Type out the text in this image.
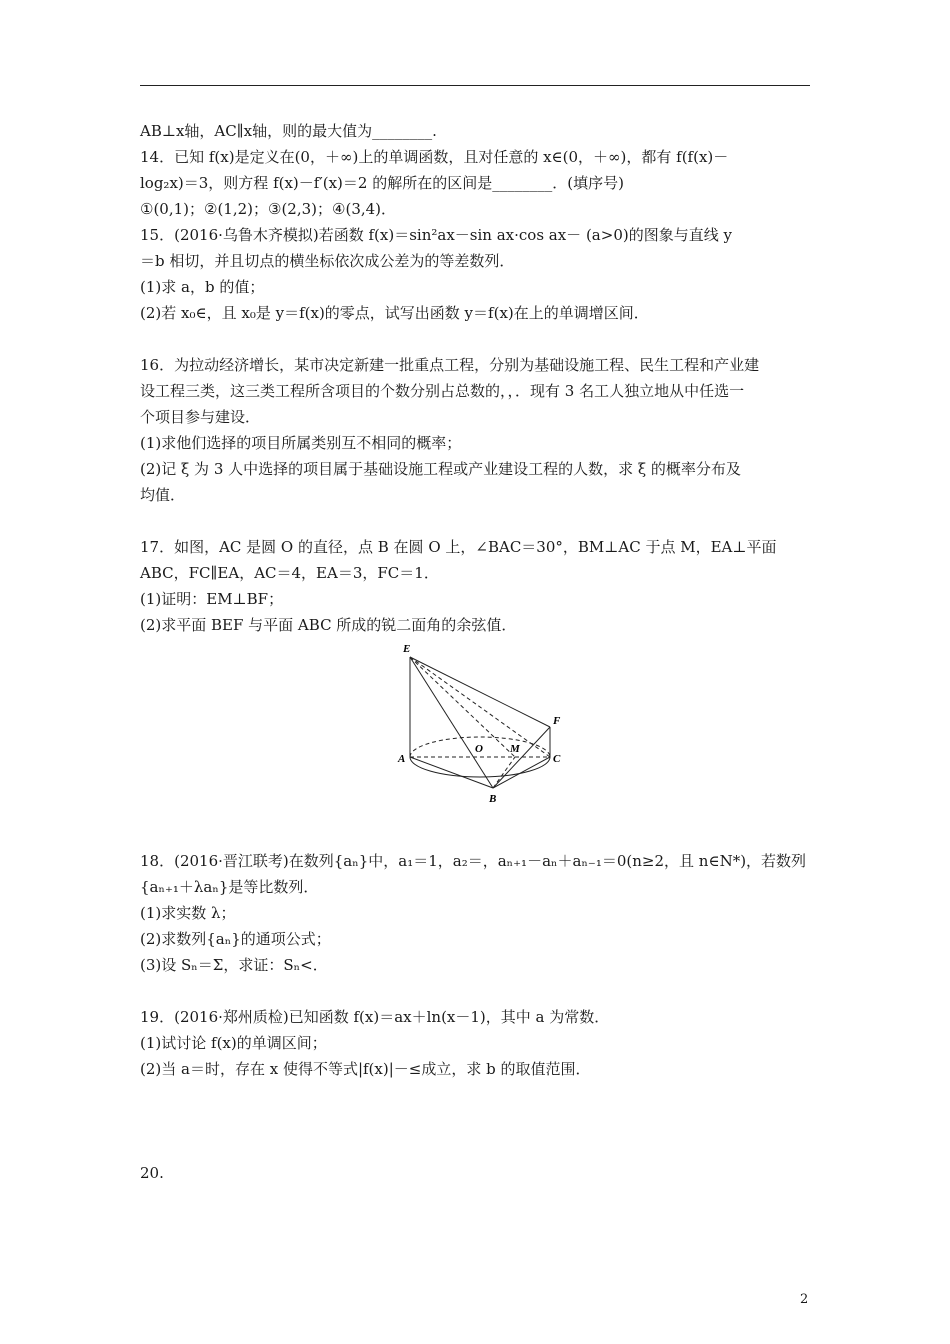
AB⊥x轴，AC∥x轴，则的最大值为________.
14．已知 f(x)是定义在(0，＋∞)上的单调函数，且对任意的 x∈(0，＋∞)，都有 f(f(x)－
log₂x)＝3，则方程 f(x)－f′(x)＝2 的解所在的区间是________．(填序号)
①(0,1)；②(1,2)；③(2,3)；④(3,4)．
15．(2016·乌鲁木齐模拟)若函数 f(x)＝sin²ax－sin ax·cos ax－ (a>0)的图象与直线 y
＝b 相切，并且切点的横坐标依次成公差为的等差数列．
(1)求 a，b 的值；
(2)若 x₀∈，且 x₀是 y＝f(x)的零点，试写出函数 y＝f(x)在上的单调增区间．
16．为拉动经济增长，某市决定新建一批重点工程，分别为基础设施工程、民生工程和产业建
设工程三类，这三类工程所含项目的个数分别占总数的，，．现有 3 名工人独立地从中任选一
个项目参与建设．
(1)求他们选择的项目所属类别互不相同的概率；
(2)记 ξ 为 3 人中选择的项目属于基础设施工程或产业建设工程的人数，求 ξ 的概率分布及
均值．
17．如图，AC 是圆 O 的直径，点 B 在圆 O 上，∠BAC＝30°，BM⊥AC 于点 M，EA⊥平面
ABC，FC∥EA，AC＝4，EA＝3，FC＝1．
(1)证明：EM⊥BF；
(2)求平面 BEF 与平面 ABC 所成的锐二面角的余弦值．
E
F
A
O M
C
B
18．(2016·晋江联考)在数列{aₙ}中，a₁＝1，a₂＝，aₙ₊₁－aₙ＋aₙ₋₁＝0(n≥2，且 n∈N*)，若数列
{aₙ₊₁＋λaₙ}是等比数列．
(1)求实数 λ；
(2)求数列{aₙ}的通项公式；
(3)设 Sₙ＝Σ，求证：Sₙ<．
19．(2016·郑州质检)已知函数 f(x)＝ax＋ln(x－1)，其中 a 为常数．
(1)试讨论 f(x)的单调区间；
(2)当 a＝时，存在 x 使得不等式|f(x)|－≤成立，求 b 的取值范围．
20.
2
